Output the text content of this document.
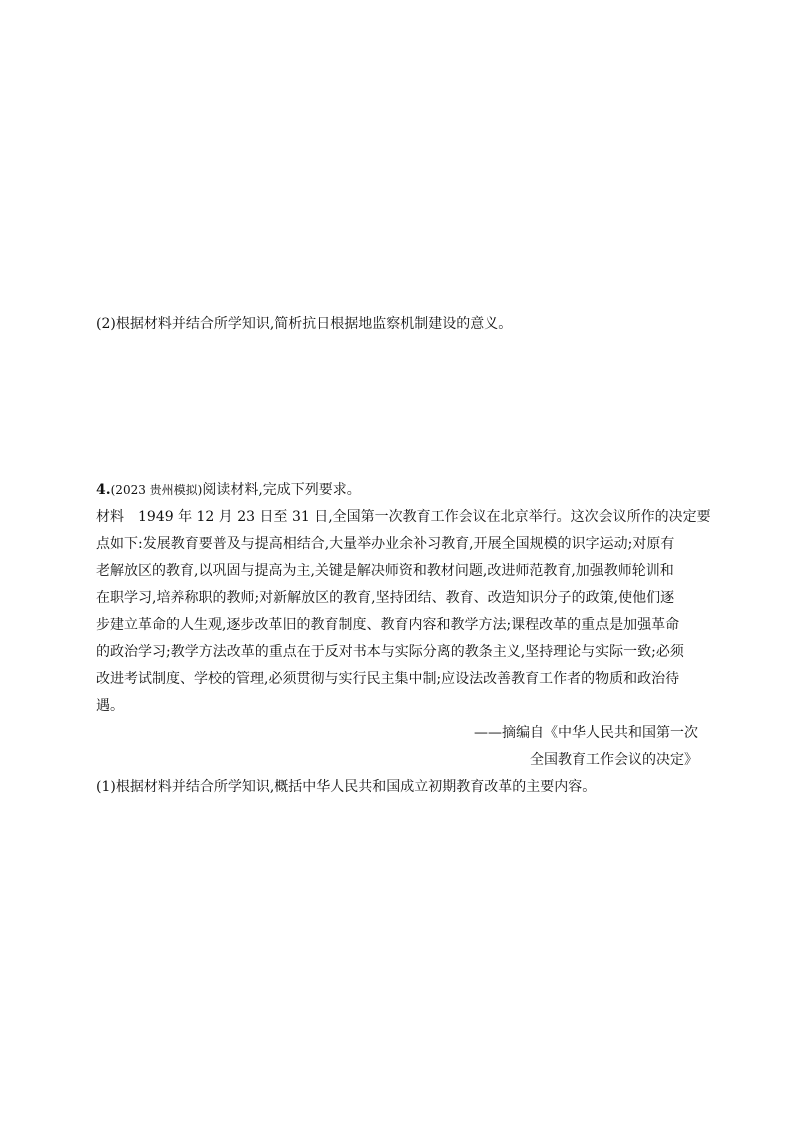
(2)根据材料并结合所学知识,简析抗日根据地监察机制建设的意义。
4.(2023 贵州模拟)阅读材料,完成下列要求。
材料 1949 年 12 月 23 日至 31 日,全国第一次教育工作会议在北京举行。这次会议所作的决定要
点如下:发展教育要普及与提高相结合,大量举办业余补习教育,开展全国规模的识字运动;对原有
老解放区的教育,以巩固与提高为主,关键是解决师资和教材问题,改进师范教育,加强教师轮训和
在职学习,培养称职的教师;对新解放区的教育,坚持团结、教育、改造知识分子的政策,使他们逐
步建立革命的人生观,逐步改革旧的教育制度、教育内容和教学方法;课程改革的重点是加强革命
的政治学习;教学方法改革的重点在于反对书本与实际分离的教条主义,坚持理论与实际一致;必须
改进考试制度、学校的管理,必须贯彻与实行民主集中制;应设法改善教育工作者的物质和政治待
遇。
——摘编自《中华人民共和国第一次
全国教育工作会议的决定》
(1)根据材料并结合所学知识,概括中华人民共和国成立初期教育改革的主要内容。
